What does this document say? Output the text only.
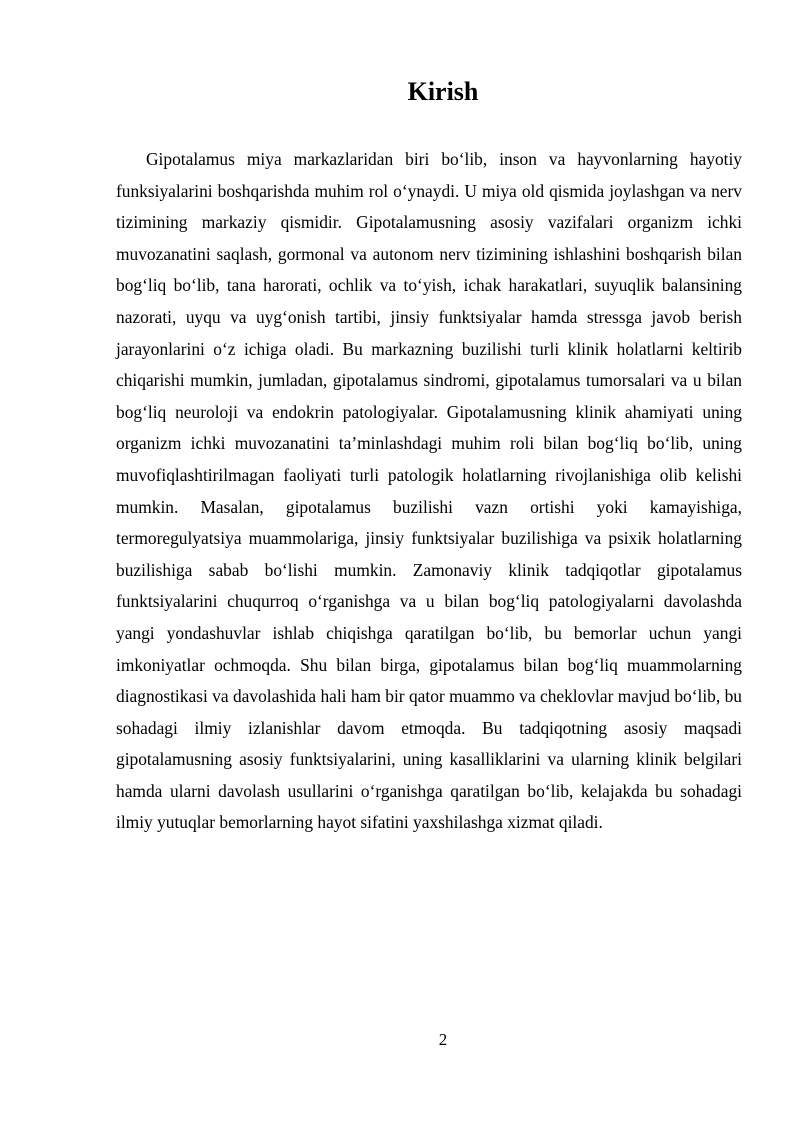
Kirish

Gipotalamus miya markazlaridan biri bo‘lib, inson va hayvonlarning hayotiy funksiyalarini boshqarishda muhim rol o‘ynaydi. U miya old qismida joylashgan va nerv tizimining markaziy qismidir. Gipotalamusning asosiy vazifalari organizm ichki muvozanatini saqlash, gormonal va autonom nerv tizimining ishlashini boshqarish bilan bog‘liq bo‘lib, tana harorati, ochlik va to‘yish, ichak harakatlari, suyuqlik balansining nazorati, uyqu va uyg‘onish tartibi, jinsiy funktsiyalar hamda stressga javob berish jarayonlarini o‘z ichiga oladi. Bu markazning buzilishi turli klinik holatlarni keltirib chiqarishi mumkin, jumladan, gipotalamus sindromi, gipotalamus tumorsalari va u bilan bog‘liq neuroloji va endokrin patologiyalar. Gipotalamusning klinik ahamiyati uning organizm ichki muvozanatini ta’minlashdagi muhim roli bilan bog‘liq bo‘lib, uning muvofiqlashtirilmagan faoliyati turli patologik holatlarning rivojlanishiga olib kelishi mumkin. Masalan, gipotalamus buzilishi vazn ortishi yoki kamayishiga, termoregulyatsiya muammolariga, jinsiy funktsiyalar buzilishiga va psixik holatlarning buzilishiga sabab bo‘lishi mumkin. Zamonaviy klinik tadqiqotlar gipotalamus funktsiyalarini chuqurroq o‘rganishga va u bilan bog‘liq patologiyalarni davolashda yangi yondashuvlar ishlab chiqishga qaratilgan bo‘lib, bu bemorlar uchun yangi imkoniyatlar ochmoqda. Shu bilan birga, gipotalamus bilan bog‘liq muammolarning diagnostikasi va davolashida hali ham bir qator muammo va cheklovlar mavjud bo‘lib, bu sohadagi ilmiy izlanishlar davom etmoqda. Bu tadqiqotning asosiy maqsadi gipotalamusning asosiy funktsiyalarini, uning kasalliklarini va ularning klinik belgilari hamda ularni davolash usullarini o‘rganishga qaratilgan bo‘lib, kelajakda bu sohadagi ilmiy yutuqlar bemorlarning hayot sifatini yaxshilashga xizmat qiladi.

2
